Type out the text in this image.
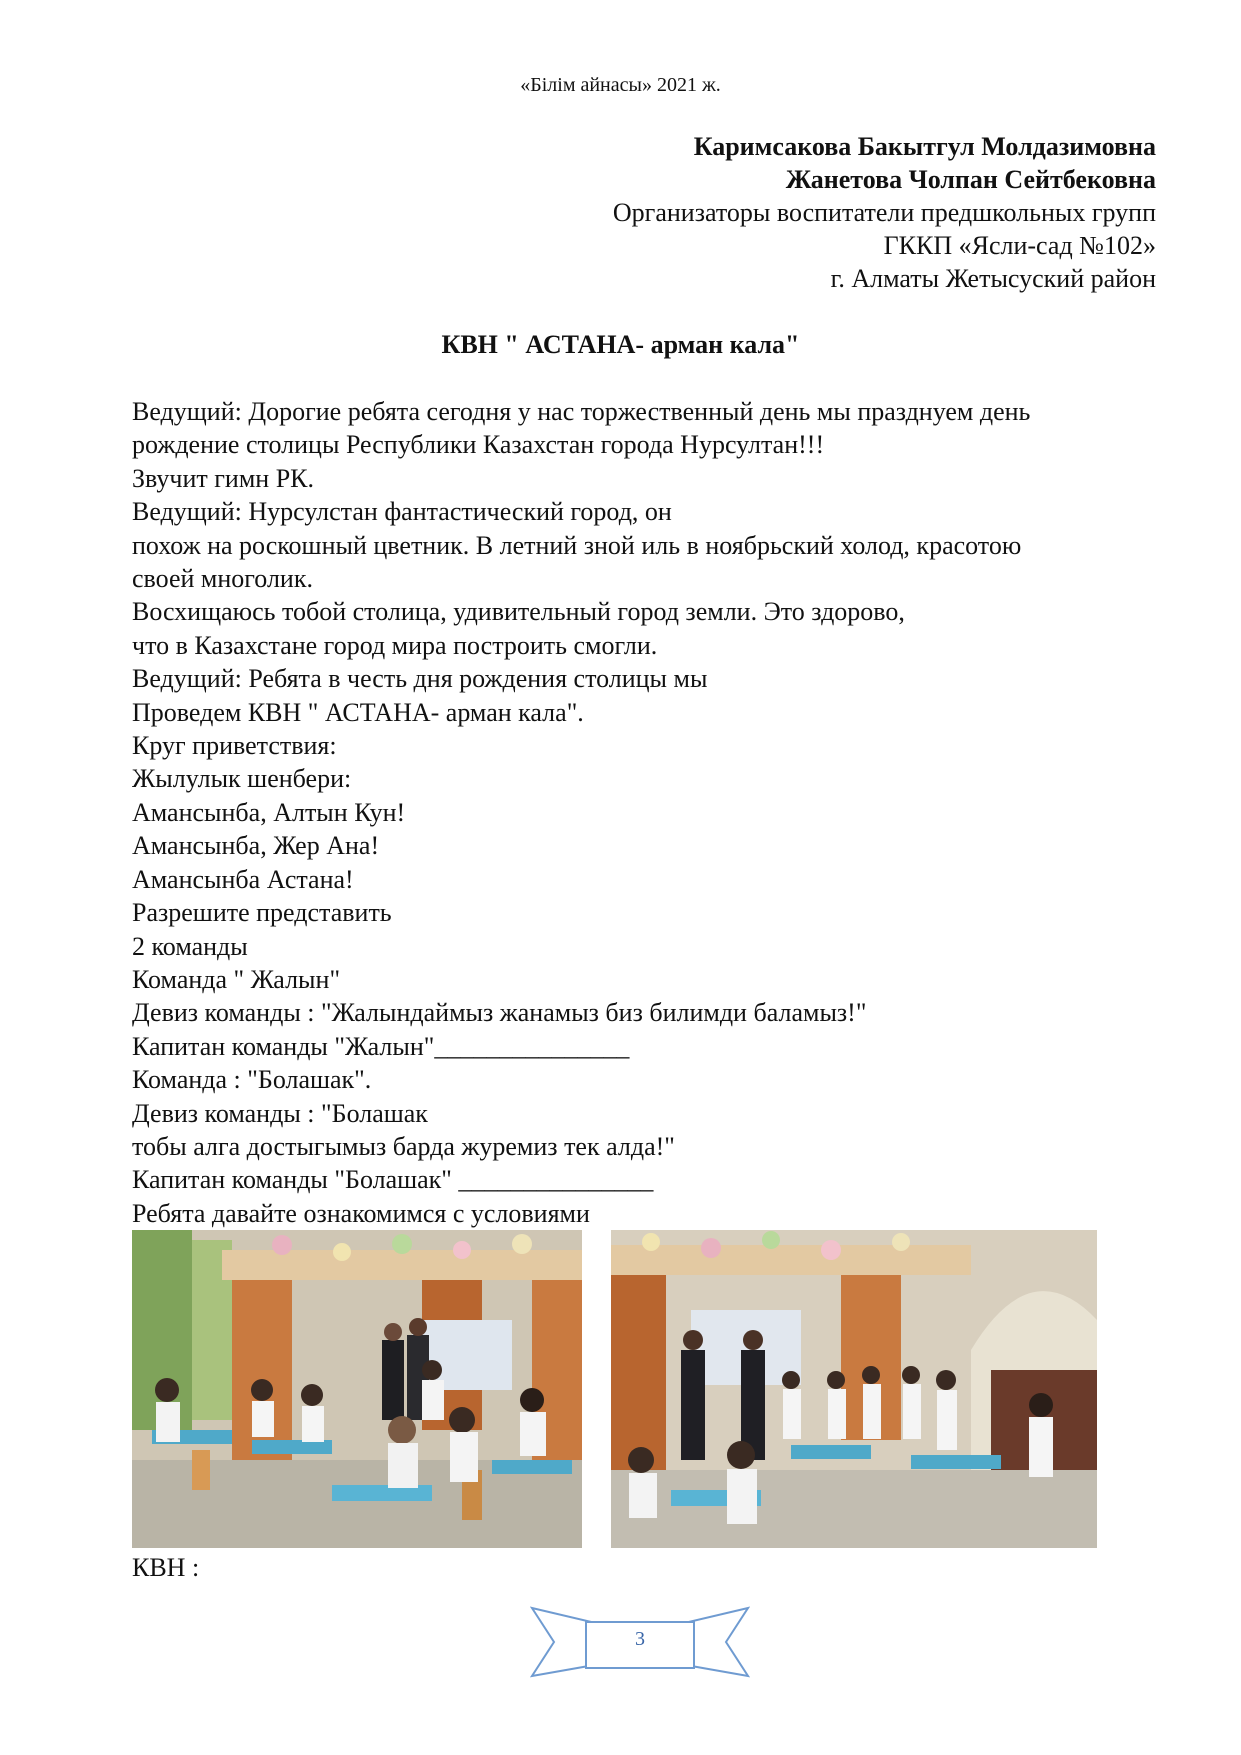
«Білім айнасы» 2021 ж.
Каримсакова Бакытгул Молдазимовна
Жанетова Чолпан Сейтбековна
Организаторы воспитатели предшкольных групп
ГККП «Ясли-сад №102»
г. Алматы Жетысуский район
КВН " АСТАНА- арман кала"
Ведущий: Дорогие ребята сегодня у нас торжественный день мы празднуем день
рождение столицы Республики Казахстан города Нурсултан!!!
Звучит гимн РК.
Ведущий: Нурсулстан фантастический город, он
похож на роскошный цветник. В летний зной иль в ноябрьский холод, красотою
своей многолик.
Восхищаюсь тобой столица, удивительный город земли. Это здорово,
что в Казахстане город мира построить смогли.
Ведущий: Ребята в честь дня рождения столицы мы
Проведем КВН " АСТАНА- арман кала".
Круг приветствия:
Жылулык шенбери:
Амансынба, Алтын Кун!
Амансынба, Жер Ана!
Амансынба Астана!
Разрешите представить
2 команды
Команда " Жалын"
Девиз команды : "Жалындаймыз жанамыз биз билимди баламыз!"
Капитан команды "Жалын"_______________
Команда : "Болашак".
Девиз команды : "Болашак
тобы алга достыгымыз барда журемиз тек алда!"
Капитан команды "Болашак" _______________
Ребята давайте ознакомимся с условиями
КВН :
3
